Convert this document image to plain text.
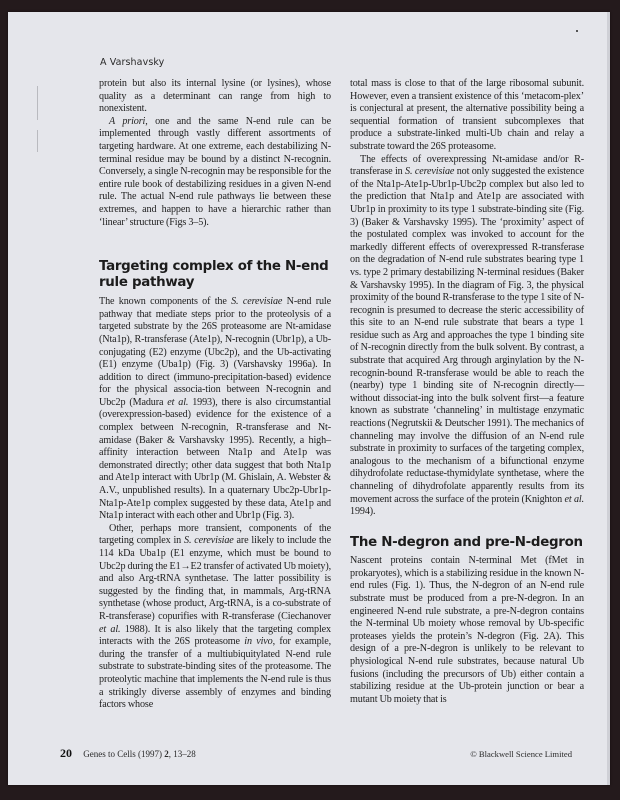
A Varshavsky

protein but also its internal lysine (or lysines), whose quality as a determinant can range from high to nonexistent.

A priori, one and the same N-end rule can be implemented through vastly different assortments of targeting hardware. At one extreme, each destabilizing N-terminal residue may be bound by a distinct N-recognin. Conversely, a single N-recognin may be responsible for the entire rule book of destabilizing residues in a given N-end rule. The actual N-end rule pathways lie between these extremes, and happen to have a hierarchic rather than ‘linear’ structure (Figs 3–5).

Targeting complex of the N-end rule pathway

The known components of the S. cerevisiae N-end rule pathway that mediate steps prior to the proteolysis of a targeted substrate by the 26S proteasome are Nt-amidase (Nta1p), R-transferase (Ate1p), N-recognin (Ubr1p), a Ub-conjugating (E2) enzyme (Ubc2p), and the Ub-activating (E1) enzyme (Uba1p) (Fig. 3) (Varshavsky 1996a). In addition to direct (immuno-precipitation-based) evidence for the physical associa-tion between N-recognin and Ubc2p (Madura et al. 1993), there is also circumstantial (overexpression-based) evidence for the existence of a complex between N-recognin, R-transferase and Nt-amidase (Baker & Varshavsky 1995). Recently, a high–affinity interaction between Nta1p and Ate1p was demonstrated directly; other data suggest that both Nta1p and Ate1p interact with Ubr1p (M. Ghislain, A. Webster & A.V., unpublished results). In a quaternary Ubc2p-Ubr1p-Nta1p-Ate1p complex suggested by these data, Ate1p and Nta1p interact with each other and Ubr1p (Fig. 3).

Other, perhaps more transient, components of the targeting complex in S. cerevisiae are likely to include the 114 kDa Uba1p (E1 enzyme, which must be bound to Ubc2p during the E1→E2 transfer of activated Ub moiety), and also Arg-tRNA synthetase. The latter possibility is suggested by the finding that, in mammals, Arg-tRNA synthetase (whose product, Arg-tRNA, is a co-substrate of R-transferase) copurifies with R-transferase (Ciechanover et al. 1988). It is also likely that the targeting complex interacts with the 26S proteasome in vivo, for example, during the transfer of a multiubiquitylated N-end rule substrate to substrate-binding sites of the proteasome. The proteolytic machine that implements the N-end rule is thus a strikingly diverse assembly of enzymes and binding factors whose

total mass is close to that of the large ribosomal subunit. However, even a transient existence of this ‘metacom-plex’ is conjectural at present, the alternative possibility being a sequential formation of transient subcomplexes that produce a substrate-linked multi-Ub chain and relay a substrate toward the 26S proteasome.

The effects of overexpressing Nt-amidase and/or R-transferase in S. cerevisiae not only suggested the existence of the Nta1p-Ate1p-Ubr1p-Ubc2p complex but also led to the prediction that Nta1p and Ate1p are associated with Ubr1p in proximity to its type 1 substrate-binding site (Fig. 3) (Baker & Varshavsky 1995). The ‘proximity’ aspect of the postulated complex was invoked to account for the markedly different effects of overexpressed R-transferase on the degradation of N-end rule substrates bearing type 1 vs. type 2 primary destabilizing N-terminal residues (Baker & Varshavsky 1995). In the diagram of Fig. 3, the physical proximity of the bound R-transferase to the type 1 site of N-recognin is presumed to decrease the steric accessibility of this site to an N-end rule substrate that bears a type 1 residue such as Arg and approaches the type 1 binding site of N-recognin directly from the bulk solvent. By contrast, a substrate that acquired Arg through arginylation by the N-recognin-bound R-transferase would be able to reach the (nearby) type 1 binding site of N-recognin directly—without dissociat-ing into the bulk solvent first—a feature known as substrate ‘channeling’ in multistage enzymatic reactions (Negrutskii & Deutscher 1991). The mechanics of channeling may involve the diffusion of an N-end rule substrate in proximity to surfaces of the targeting complex, analogous to the mechanism of a bifunctional enzyme dihydrofolate reductase-thymidylate synthetase, where the channeling of dihydrofolate apparently results from its movement across the surface of the protein (Knighton et al. 1994).

The N-degron and pre-N-degron

Nascent proteins contain N-terminal Met (fMet in prokaryotes), which is a stabilizing residue in the known N-end rules (Fig. 1). Thus, the N-degron of an N-end rule substrate must be produced from a pre-N-degron. In an engineered N-end rule substrate, a pre-N-degron contains the N-terminal Ub moiety whose removal by Ub-specific proteases yields the protein’s N-degron (Fig. 2A). This design of a pre-N-degron is unlikely to be relevant to physiological N-end rule substrates, because natural Ub fusions (including the precursors of Ub) either contain a stabilizing residue at the Ub-protein junction or bear a mutant Ub moiety that is

20 Genes to Cells (1997) 2, 13–28	© Blackwell Science Limited
